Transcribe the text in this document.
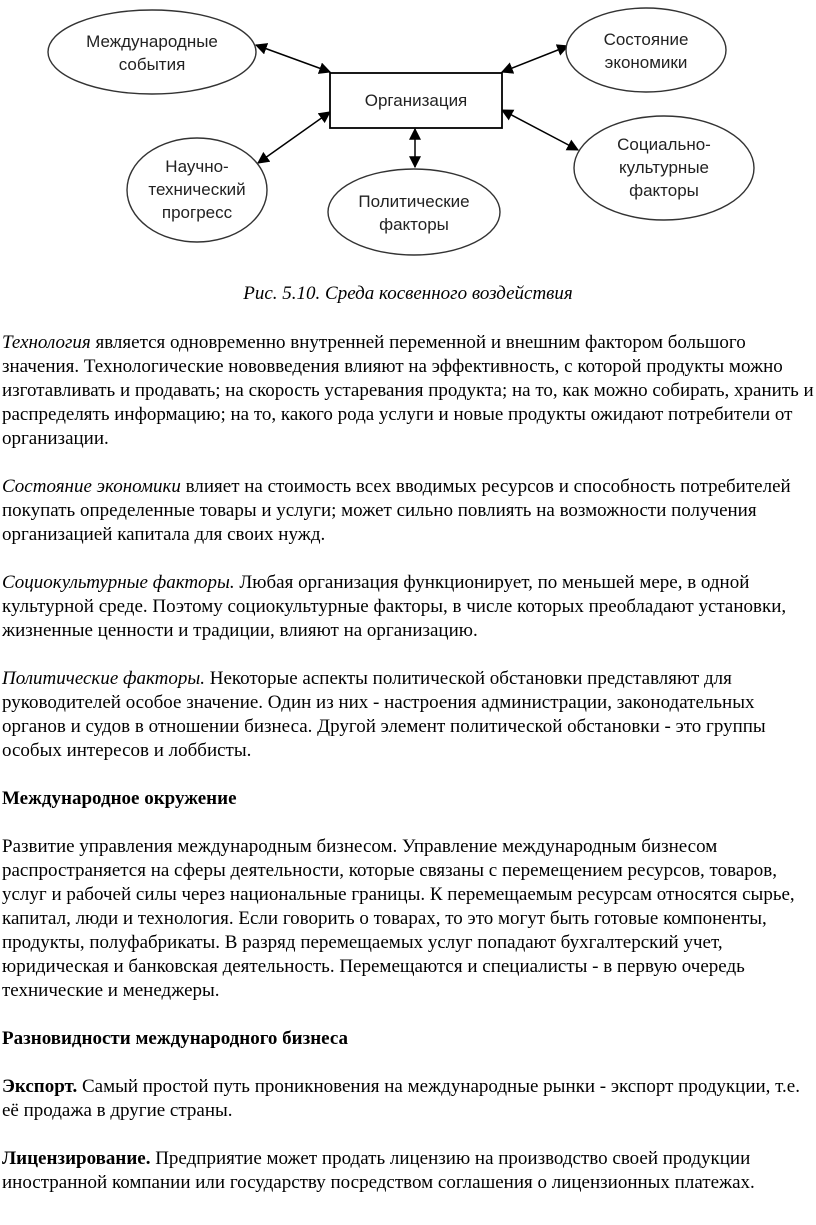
Организация
Международные
события
Состояние
экономики
Социально-
культурные
факторы
Научно-
технический
прогресс
Политические
факторы
Рис. 5.10. Среда косвенного воздействия

Технология является одновременно внутренней переменной и внешним фактором большого значения. Технологические нововведения влияют на эффективность, с которой продукты можно изготавливать и продавать; на скорость устаревания продукта; на то, как можно собирать, хранить и распределять информацию; на то, какого рода услуги и новые продукты ожидают потребители от организации.

Состояние экономики влияет на стоимость всех вводимых ресурсов и способность потребителей покупать определенные товары и услуги; может сильно повлиять на возможности получения организацией капитала для своих нужд.

Социокультурные факторы. Любая организация функционирует, по меньшей мере, в одной культурной среде. Поэтому социокультурные факторы, в числе которых преобладают установки, жизненные ценности и традиции, влияют на организацию.

Политические факторы. Некоторые аспекты политической обстановки представляют для руководителей особое значение. Один из них - настроения администрации, законодательных органов и судов в отношении бизнеса. Другой элемент политической обстановки - это группы особых интересов и лоббисты.

Международное окружение

Развитие управления международным бизнесом. Управление международным бизнесом распространяется на сферы деятельности, которые связаны с перемещением ресурсов, товаров, услуг и рабочей силы через национальные границы. К перемещаемым ресурсам относятся сырье, капитал, люди и технология. Если говорить о товарах, то это могут быть готовые компоненты, продукты, полуфабрикаты. В разряд перемещаемых услуг попадают бухгалтерский учет, юридическая и банковская деятельность. Перемещаются и специалисты - в первую очередь технические и менеджеры.

Разновидности международного бизнеса

Экспорт. Самый простой путь проникновения на международные рынки - экспорт продукции, т.е. её продажа в другие страны.

Лицензирование. Предприятие может продать лицензию на производство своей продукции иностранной компании или государству посредством соглашения о лицензионных платежах.
